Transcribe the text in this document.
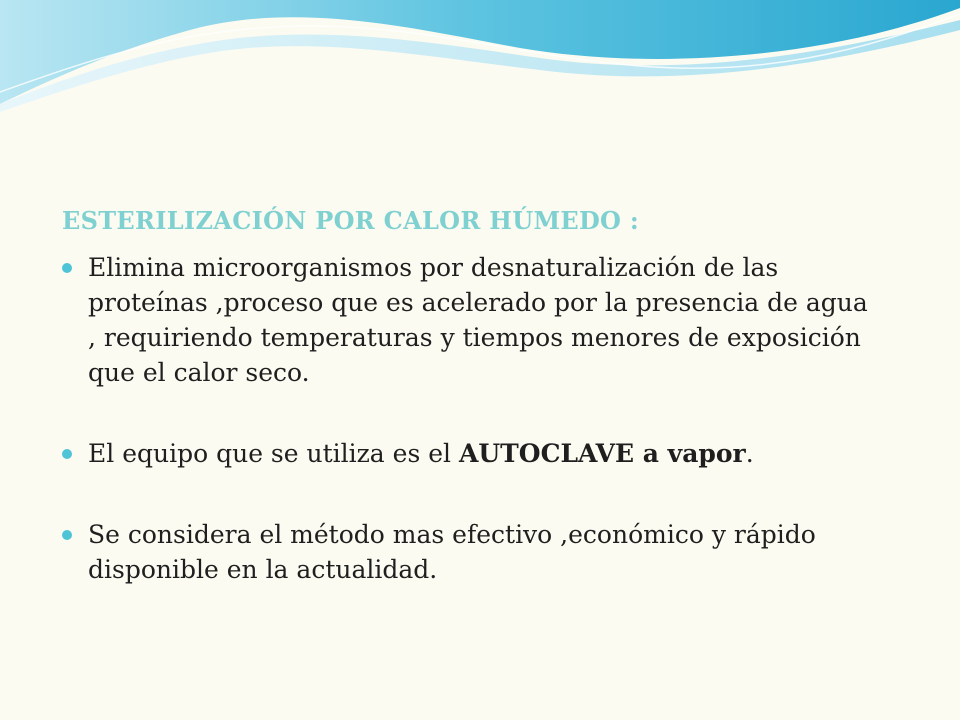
ESTERILIZACIÓN POR CALOR HÚMEDO :
Elimina microorganismos por desnaturalización de las proteínas ,proceso que es acelerado por la presencia de agua , requiriendo temperaturas y tiempos menores de exposición que el calor seco.
El equipo que se utiliza es el AUTOCLAVE a vapor.
Se considera el método mas efectivo ,económico y rápido disponible en la actualidad.
